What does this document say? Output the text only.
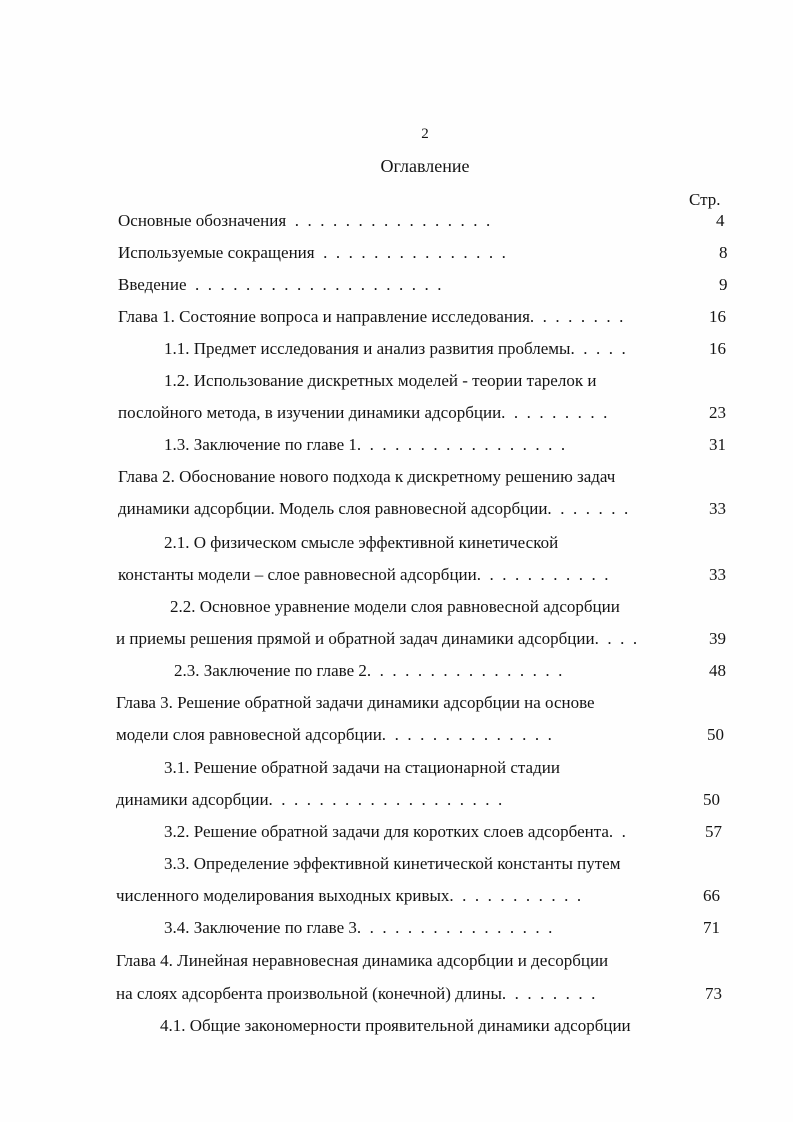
2
Оглавление
Стр.
Основные обозначения  .  .  .  .  .  .  .  .  .  .  .  .  .  .  .  .	4
Используемые сокращения  .  .  .  .  .  .  .  .  .  .  .  .  .  .  .	8
Введение  .  .  .  .  .  .  .  .  .  .  .  .  .  .  .  .  .  .  .  .	9
Глава 1. Состояние вопроса и направление исследования.  .  .  .  .  .  .  .	16
1.1. Предмет исследования и анализ развития проблемы.  .  .  .  .	16
1.2. Использование дискретных моделей - теории тарелок и
послойного метода, в изучении динамики адсорбции.  .  .  .  .  .  .  .  .	23
1.3. Заключение по главе 1.  .  .  .  .  .  .  .  .  .  .  .  .  .  .  .  .	31
Глава 2. Обоснование нового подхода к дискретному решению задач
динамики адсорбции. Модель слоя равновесной адсорбции.  .  .  .  .  .  .	33
2.1. О физическом смысле эффективной кинетической
константы модели – слое равновесной адсорбции.  .  .  .  .  .  .  .  .  .  .	33
2.2. Основное уравнение модели слоя равновесной адсорбции
и приемы решения прямой и обратной задач динамики адсорбции.  .  .  .	39
2.3. Заключение по главе 2.  .  .  .  .  .  .  .  .  .  .  .  .  .  .  .	48
Глава 3. Решение обратной задачи динамики адсорбции на основе
модели слоя равновесной адсорбции.  .  .  .  .  .  .  .  .  .  .  .  .  .	50
3.1. Решение обратной задачи на стационарной стадии
динамики адсорбции.  .  .  .  .  .  .  .  .  .  .  .  .  .  .  .  .  .  .	50
3.2. Решение обратной задачи для коротких слоев адсорбента.  .	57
3.3. Определение эффективной кинетической константы путем
численного моделирования выходных кривых.  .  .  .  .  .  .  .  .  .  .	66
3.4. Заключение по главе 3.  .  .  .  .  .  .  .  .  .  .  .  .  .  .  .	71
Глава 4. Линейная неравновесная динамика адсорбции и десорбции
на слоях адсорбента произвольной (конечной) длины.  .  .  .  .  .  .  .	73
4.1. Общие закономерности проявительной динамики адсорбции
